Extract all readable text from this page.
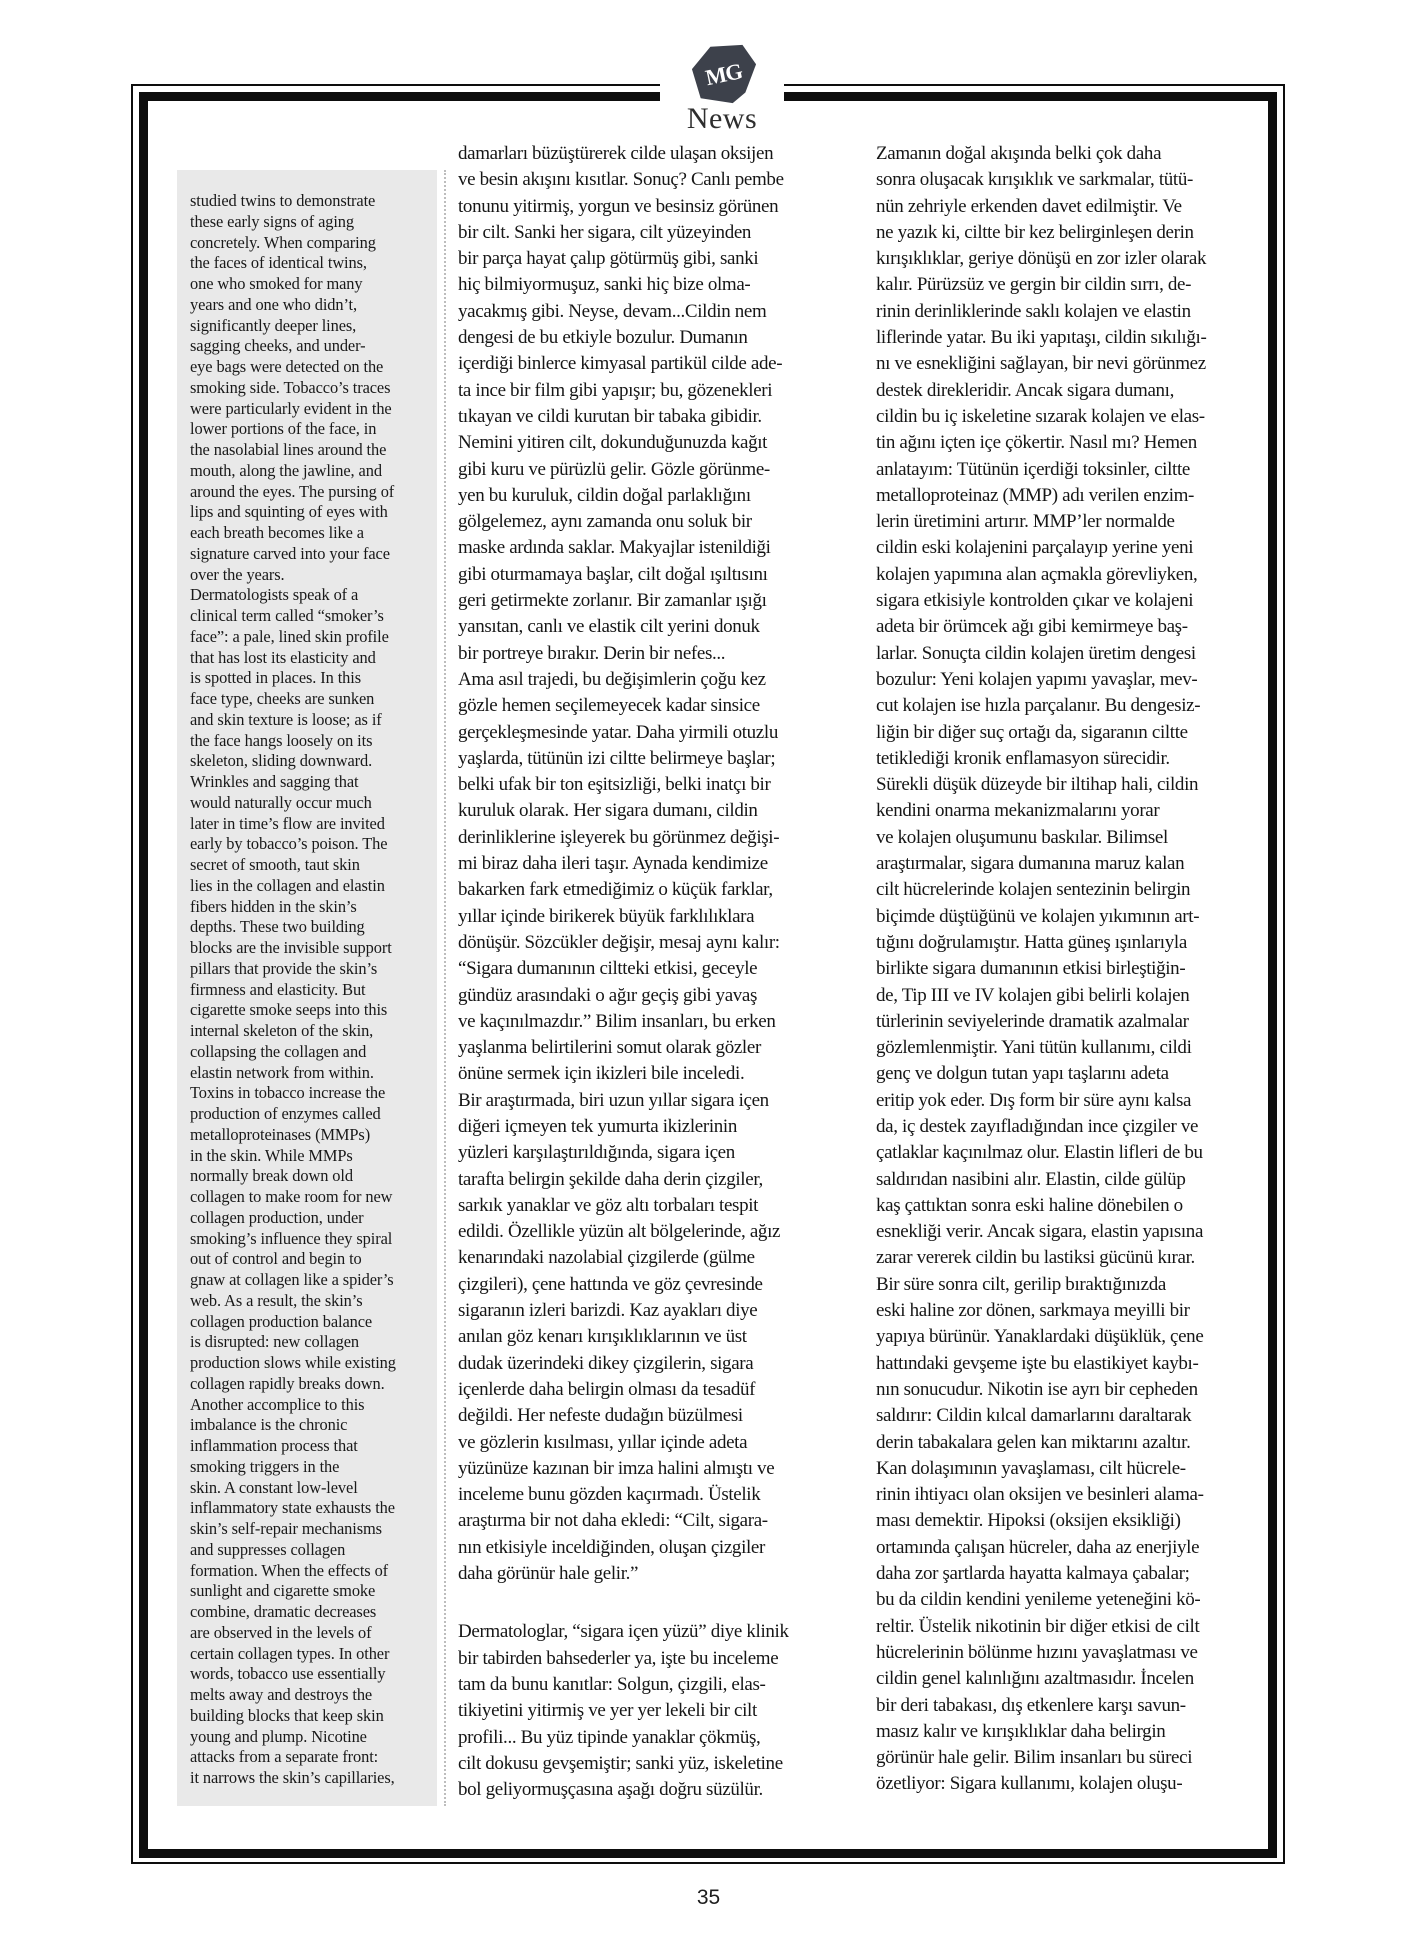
MG
News
studied twins to demonstrate
these early signs of aging
concretely. When comparing
the faces of identical twins,
one who smoked for many
years and one who didn’t,
significantly deeper lines,
sagging cheeks, and under-
eye bags were detected on the
smoking side. Tobacco’s traces
were particularly evident in the
lower portions of the face, in
the nasolabial lines around the
mouth, along the jawline, and
around the eyes. The pursing of
lips and squinting of eyes with
each breath becomes like a
signature carved into your face
over the years.
Dermatologists speak of a
clinical term called “smoker’s
face”: a pale, lined skin profile
that has lost its elasticity and
is spotted in places. In this
face type, cheeks are sunken
and skin texture is loose; as if
the face hangs loosely on its
skeleton, sliding downward.
Wrinkles and sagging that
would naturally occur much
later in time’s flow are invited
early by tobacco’s poison. The
secret of smooth, taut skin
lies in the collagen and elastin
fibers hidden in the skin’s
depths. These two building
blocks are the invisible support
pillars that provide the skin’s
firmness and elasticity. But
cigarette smoke seeps into this
internal skeleton of the skin,
collapsing the collagen and
elastin network from within.
Toxins in tobacco increase the
production of enzymes called
metalloproteinases (MMPs)
in the skin. While MMPs
normally break down old
collagen to make room for new
collagen production, under
smoking’s influence they spiral
out of control and begin to
gnaw at collagen like a spider’s
web. As a result, the skin’s
collagen production balance
is disrupted: new collagen
production slows while existing
collagen rapidly breaks down.
Another accomplice to this
imbalance is the chronic
inflammation process that
smoking triggers in the
skin. A constant low-level
inflammatory state exhausts the
skin’s self-repair mechanisms
and suppresses collagen
formation. When the effects of
sunlight and cigarette smoke
combine, dramatic decreases
are observed in the levels of
certain collagen types. In other
words, tobacco use essentially
melts away and destroys the
building blocks that keep skin
young and plump. Nicotine
attacks from a separate front:
it narrows the skin’s capillaries,
damarları büzüştürerek cilde ulaşan oksijen
ve besin akışını kısıtlar. Sonuç? Canlı pembe
tonunu yitirmiş, yorgun ve besinsiz görünen
bir cilt. Sanki her sigara, cilt yüzeyinden
bir parça hayat çalıp götürmüş gibi, sanki
hiç bilmiyormuşuz, sanki hiç bize olma-
yacakmış gibi. Neyse, devam...Cildin nem
dengesi de bu etkiyle bozulur. Dumanın
içerdiği binlerce kimyasal partikül cilde ade-
ta ince bir film gibi yapışır; bu, gözenekleri
tıkayan ve cildi kurutan bir tabaka gibidir.
Nemini yitiren cilt, dokunduğunuzda kağıt
gibi kuru ve pürüzlü gelir. Gözle görünme-
yen bu kuruluk, cildin doğal parlaklığını
gölgelemez, aynı zamanda onu soluk bir
maske ardında saklar. Makyajlar istenildiği
gibi oturmamaya başlar, cilt doğal ışıltısını
geri getirmekte zorlanır. Bir zamanlar ışığı
yansıtan, canlı ve elastik cilt yerini donuk
bir portreye bırakır. Derin bir nefes...
Ama asıl trajedi, bu değişimlerin çoğu kez
gözle hemen seçilemeyecek kadar sinsice
gerçekleşmesinde yatar. Daha yirmili otuzlu
yaşlarda, tütünün izi ciltte belirmeye başlar;
belki ufak bir ton eşitsizliği, belki inatçı bir
kuruluk olarak. Her sigara dumanı, cildin
derinliklerine işleyerek bu görünmez değişi-
mi biraz daha ileri taşır. Aynada kendimize
bakarken fark etmediğimiz o küçük farklar,
yıllar içinde birikerek büyük farklılıklara
dönüşür. Sözcükler değişir, mesaj aynı kalır:
“Sigara dumanının ciltteki etkisi, geceyle
gündüz arasındaki o ağır geçiş gibi yavaş
ve kaçınılmazdır.” Bilim insanları, bu erken
yaşlanma belirtilerini somut olarak gözler
önüne sermek için ikizleri bile inceledi.
Bir araştırmada, biri uzun yıllar sigara içen
diğeri içmeyen tek yumurta ikizlerinin
yüzleri karşılaştırıldığında, sigara içen
tarafta belirgin şekilde daha derin çizgiler,
sarkık yanaklar ve göz altı torbaları tespit
edildi. Özellikle yüzün alt bölgelerinde, ağız
kenarındaki nazolabial çizgilerde (gülme
çizgileri), çene hattında ve göz çevresinde
sigaranın izleri barizdi. Kaz ayakları diye
anılan göz kenarı kırışıklıklarının ve üst
dudak üzerindeki dikey çizgilerin, sigara
içenlerde daha belirgin olması da tesadüf
değildi. Her nefeste dudağın büzülmesi
ve gözlerin kısılması, yıllar içinde adeta
yüzünüze kazınan bir imza halini almıştı ve
inceleme bunu gözden kaçırmadı. Üstelik
araştırma bir not daha ekledi: “Cilt, sigara-
nın etkisiyle inceldiğinden, oluşan çizgiler
daha görünür hale gelir.”
Dermatologlar, “sigara içen yüzü” diye klinik
bir tabirden bahsederler ya, işte bu inceleme
tam da bunu kanıtlar: Solgun, çizgili, elas-
tikiyetini yitirmiş ve yer yer lekeli bir cilt
profili... Bu yüz tipinde yanaklar çökmüş,
cilt dokusu gevşemiştir; sanki yüz, iskeletine
bol geliyormuşçasına aşağı doğru süzülür.
Zamanın doğal akışında belki çok daha
sonra oluşacak kırışıklık ve sarkmalar, tütü-
nün zehriyle erkenden davet edilmiştir. Ve
ne yazık ki, ciltte bir kez belirginleşen derin
kırışıklıklar, geriye dönüşü en zor izler olarak
kalır. Pürüzsüz ve gergin bir cildin sırrı, de-
rinin derinliklerinde saklı kolajen ve elastin
liflerinde yatar. Bu iki yapıtaşı, cildin sıkılığı-
nı ve esnekliğini sağlayan, bir nevi görünmez
destek direkleridir. Ancak sigara dumanı,
cildin bu iç iskeletine sızarak kolajen ve elas-
tin ağını içten içe çökertir. Nasıl mı? Hemen
anlatayım: Tütünün içerdiği toksinler, ciltte
metalloproteinaz (MMP) adı verilen enzim-
lerin üretimini artırır. MMP’ler normalde
cildin eski kolajenini parçalayıp yerine yeni
kolajen yapımına alan açmakla görevliyken,
sigara etkisiyle kontrolden çıkar ve kolajeni
adeta bir örümcek ağı gibi kemirmeye baş-
larlar. Sonuçta cildin kolajen üretim dengesi
bozulur: Yeni kolajen yapımı yavaşlar, mev-
cut kolajen ise hızla parçalanır. Bu dengesiz-
liğin bir diğer suç ortağı da, sigaranın ciltte
tetiklediği kronik enflamasyon sürecidir.
Sürekli düşük düzeyde bir iltihap hali, cildin
kendini onarma mekanizmalarını yorar
ve kolajen oluşumunu baskılar. Bilimsel
araştırmalar, sigara dumanına maruz kalan
cilt hücrelerinde kolajen sentezinin belirgin
biçimde düştüğünü ve kolajen yıkımının art-
tığını doğrulamıştır. Hatta güneş ışınlarıyla
birlikte sigara dumanının etkisi birleştiğin-
de, Tip III ve IV kolajen gibi belirli kolajen
türlerinin seviyelerinde dramatik azalmalar
gözlemlenmiştir. Yani tütün kullanımı, cildi
genç ve dolgun tutan yapı taşlarını adeta
eritip yok eder. Dış form bir süre aynı kalsa
da, iç destek zayıfladığından ince çizgiler ve
çatlaklar kaçınılmaz olur. Elastin lifleri de bu
saldırıdan nasibini alır. Elastin, cilde gülüp
kaş çattıktan sonra eski haline dönebilen o
esnekliği verir. Ancak sigara, elastin yapısına
zarar vererek cildin bu lastiksi gücünü kırar.
Bir süre sonra cilt, gerilip bıraktığınızda
eski haline zor dönen, sarkmaya meyilli bir
yapıya bürünür. Yanaklardaki düşüklük, çene
hattındaki gevşeme işte bu elastikiyet kaybı-
nın sonucudur. Nikotin ise ayrı bir cepheden
saldırır: Cildin kılcal damarlarını daraltarak
derin tabakalara gelen kan miktarını azaltır.
Kan dolaşımının yavaşlaması, cilt hücrele-
rinin ihtiyacı olan oksijen ve besinleri alama-
ması demektir. Hipoksi (oksijen eksikliği)
ortamında çalışan hücreler, daha az enerjiyle
daha zor şartlarda hayatta kalmaya çabalar;
bu da cildin kendini yenileme yeteneğini kö-
reltir. Üstelik nikotinin bir diğer etkisi de cilt
hücrelerinin bölünme hızını yavaşlatması ve
cildin genel kalınlığını azaltmasıdır. İncelen
bir deri tabakası, dış etkenlere karşı savun-
masız kalır ve kırışıklıklar daha belirgin
görünür hale gelir. Bilim insanları bu süreci
özetliyor: Sigara kullanımı, kolajen oluşu-
35
